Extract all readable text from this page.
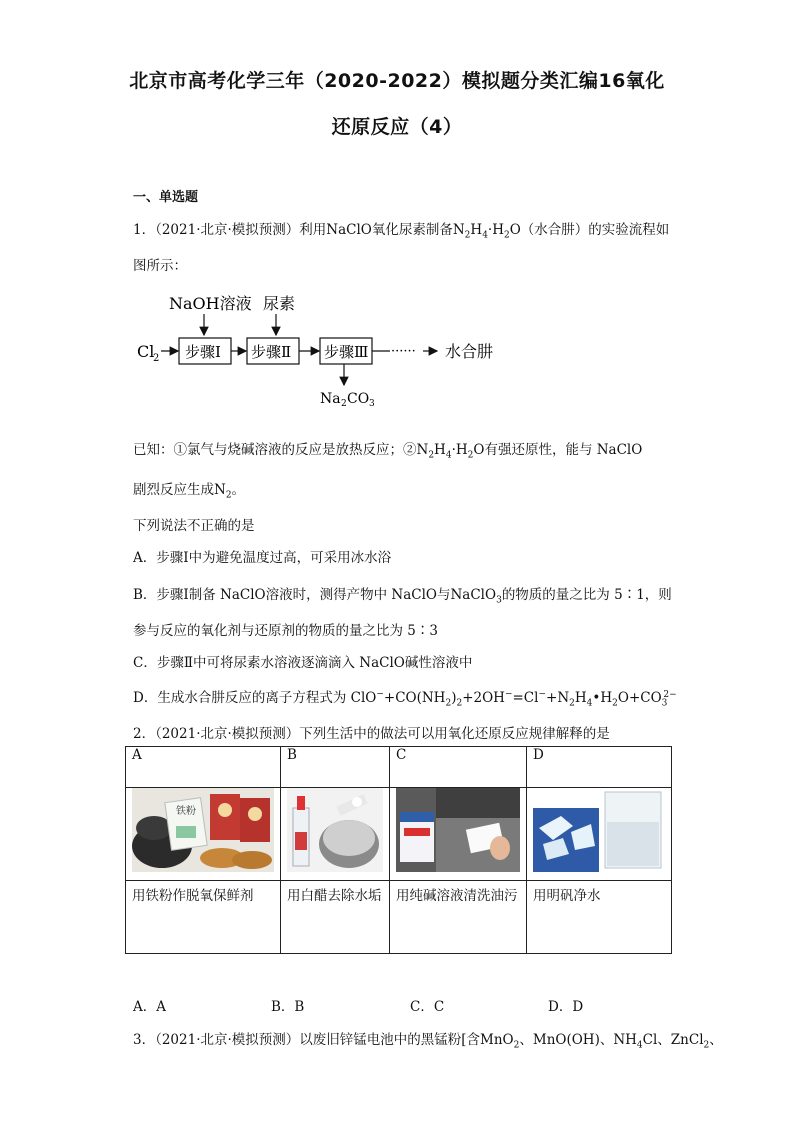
北京市高考化学三年（2020-2022）模拟题分类汇编16氧化
还原反应（4）
一、单选题
1．（2021·北京·模拟预测）利用NaClO氧化尿素制备$N_2H_4\cdot H_2O$（水合肼）的实验流程如
图所示：
NaOH溶液 尿素
Cl
2 步骤Ⅰ 步骤Ⅱ 步骤Ⅲ ······ 水合肼
Na 2 CO 3
已知：①氯气与烧碱溶液的反应是放热反应；$②N_2H_4\cdot H_2O$有强还原性，能与 NaClO
剧烈反应生成$N_2$。
下列说法不正确的是
A．步骤Ⅰ中为避免温度过高，可采用冰水浴
B．步骤Ⅰ制备 NaClO溶液时，测得产物中 NaClO与NaClO$_3$的物质的量之比为 5∶1，则
参与反应的氧化剂与还原剂的物质的量之比为 5∶3
C．步骤Ⅱ中可将尿素水溶液逐滴滴入 NaClO碱性溶液中
D．生成水合肼反应的离子方程式为 $ClO^-+CO(NH_2)_2+2OH^-=Cl^-+N_2H_4•H_2O+CO_3^{2-}$
2．（2021·北京·模拟预测）下列生活中的做法可以用氧化还原反应规律解释的是
A	B	C	D

铁粉

用铁粉作脱氧保鲜剂	用白醋去除水垢	用纯碱溶液清洗油污	用明矾净水
A．A	B．B	C．C	D．D
3．（2021·北京·模拟预测）以废旧锌锰电池中的黑锰粉[含MnO$_2$、MnO(OH)、$NH_4Cl$、ZnCl$_2$、
